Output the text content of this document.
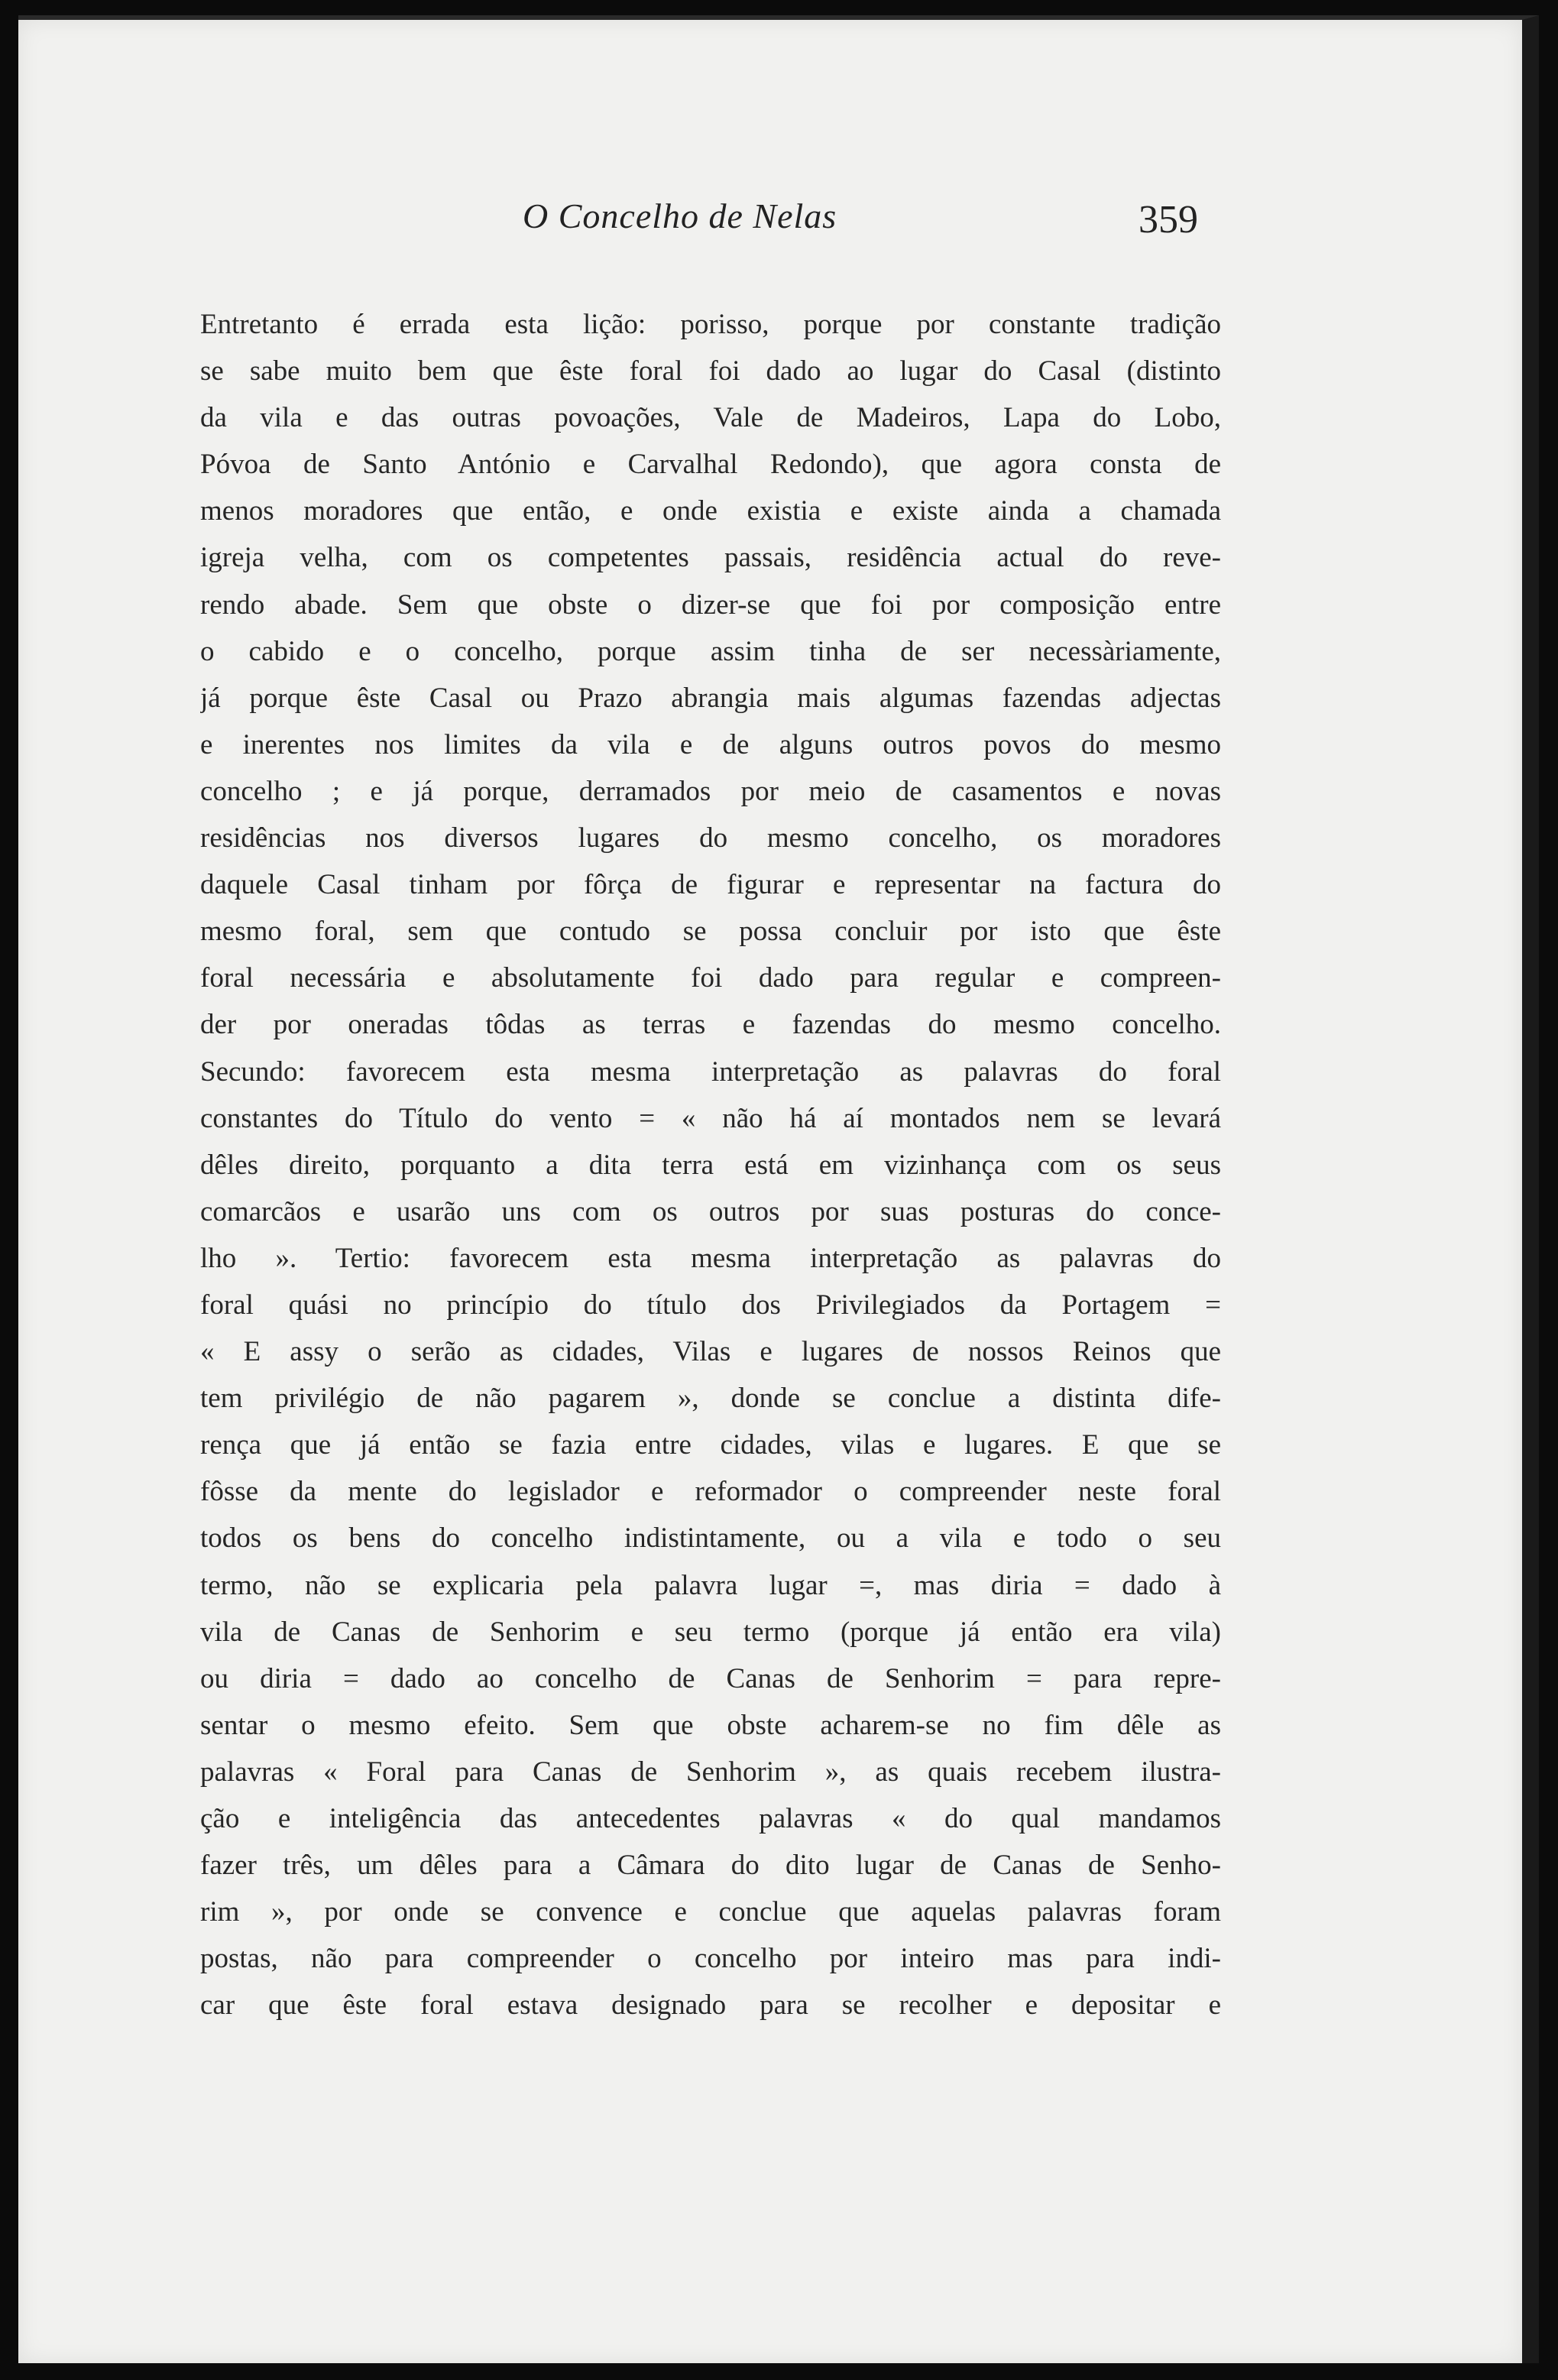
O Concelho de Nelas	359
Entretanto é errada esta lição: porisso, porque por constante tradição
se sabe muito bem que êste foral foi dado ao lugar do Casal (distinto
da vila e das outras povoações, Vale de Madeiros, Lapa do Lobo,
Póvoa de Santo António e Carvalhal Redondo), que agora consta de
menos moradores que então, e onde existia e existe ainda a chamada
igreja velha, com os competentes passais, residência actual do reve-
rendo abade. Sem que obste o dizer-se que foi por composição entre
o cabido e o concelho, porque assim tinha de ser necessàriamente,
já porque êste Casal ou Prazo abrangia mais algumas fazendas adjectas
e inerentes nos limites da vila e de alguns outros povos do mesmo
concelho ; e já porque, derramados por meio de casamentos e novas
residências nos diversos lugares do mesmo concelho, os moradores
daquele Casal tinham por fôrça de figurar e representar na factura do
mesmo foral, sem que contudo se possa concluir por isto que êste
foral necessária e absolutamente foi dado para regular e compreen-
der por oneradas tôdas as terras e fazendas do mesmo concelho.
Secundo: favorecem esta mesma interpretação as palavras do foral
constantes do Título do vento = « não há aí montados nem se levará
dêles direito, porquanto a dita terra está em vizinhança com os seus
comarcãos e usarão uns com os outros por suas posturas do conce-
lho ». Tertio: favorecem esta mesma interpretação as palavras do
foral quási no princípio do título dos Privilegiados da Portagem =
« E assy o serão as cidades, Vilas e lugares de nossos Reinos que
tem privilégio de não pagarem », donde se conclue a distinta dife-
rença que já então se fazia entre cidades, vilas e lugares. E que se
fôsse da mente do legislador e reformador o compreender neste foral
todos os bens do concelho indistintamente, ou a vila e todo o seu
termo, não se explicaria pela palavra lugar =, mas diria = dado à
vila de Canas de Senhorim e seu termo (porque já então era vila)
ou diria = dado ao concelho de Canas de Senhorim = para repre-
sentar o mesmo efeito. Sem que obste acharem-se no fim dêle as
palavras « Foral para Canas de Senhorim », as quais recebem ilustra-
ção e inteligência das antecedentes palavras « do qual mandamos
fazer três, um dêles para a Câmara do dito lugar de Canas de Senho-
rim », por onde se convence e conclue que aquelas palavras foram
postas, não para compreender o concelho por inteiro mas para indi-
car que êste foral estava designado para se recolher e depositar e
